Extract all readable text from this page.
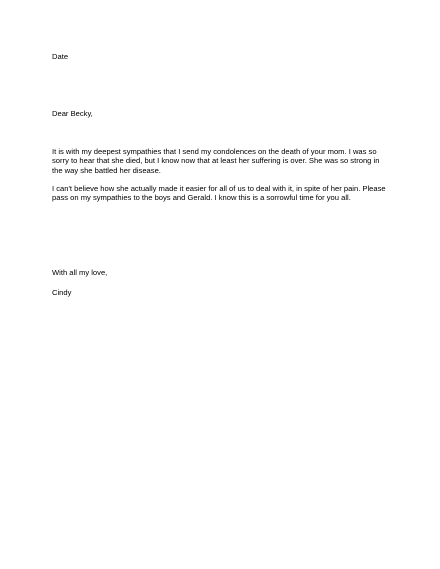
Date
Dear Becky,
It is with my deepest sympathies that I send my condolences on the death of your mom. I was so
sorry to hear that she died, but I know now that at least her suffering is over. She was so strong in
the way she battled her disease.
I can't believe how she actually made it easier for all of us to deal with it, in spite of her pain. Please
pass on my sympathies to the boys and Gerald. I know this is a sorrowful time for you all.
With all my love,
Cindy
